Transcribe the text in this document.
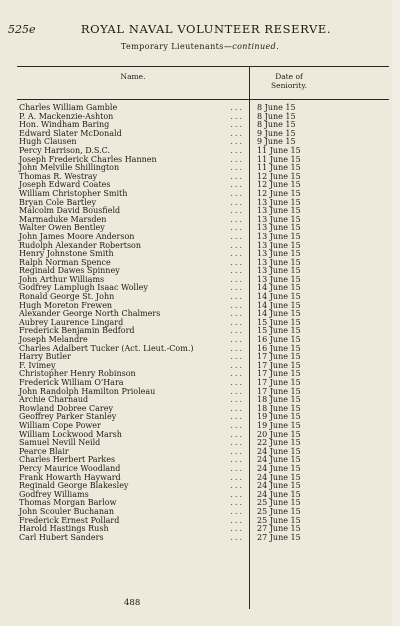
525e	ROYAL NAVAL VOLUNTEER RESERVE.
Temporary Lieutenants—continued.
Name.	Date of
Seniority.
Charles William Gamble	... 8 June 15
P. A. Mackenzie-Ashton	... 8 June 15
Hon. Windham Baring	... 8 June 15
Edward Slater McDonald	... 9 June 15
Hugh Clausen	... 9 June 15
Percy Harrison, D.S.C.	... 11 June 15
Joseph Frederick Charles Hannen	... 11 June 15
John Melville Shillington	... 11 June 15
Thomas R. Westray	... 12 June 15
Joseph Edward Coates	... 12 June 15
William Christopher Smith	... 12 June 15
Bryan Cole Bartley	... 13 June 15
Malcolm David Bousfield	... 13 June 15
Marmaduke Marsden	... 13 June 15
Walter Owen Bentley	... 13 June 15
John James Moore Anderson	... 13 June 15
Rudolph Alexander Robertson	... 13 June 15
Henry Johnstone Smith	... 13 June 15
Ralph Norman Spence	... 13 June 15
Reginald Dawes Spinney	... 13 June 15
John Arthur Williams	... 13 June 15
Godfrey Lamplugh Isaac Wolley	... 14 June 15
Ronald George St. John	... 14 June 15
Hugh Moreton Frewen	... 14 June 15
Alexander George North Chalmers	... 14 June 15
Aubrey Laurence Lingard	... 15 June 15
Frederick Benjamin Bedford	... 15 June 15
Joseph Melandre	... 16 June 15
Charles Adalbert Tucker (Act. Lieut.-Com.)	... 16 June 15
Harry Butler	... 17 June 15
F. Ivimey	... 17 June 15
Christopher Henry Robinson	... 17 June 15
Frederick William O'Hara	... 17 June 15
John Randolph Hamilton Prioleau	... 17 June 15
Archie Charnaud	... 18 June 15
Rowland Dobree Carey	... 18 June 15
Geoffrey Parker Stanley	... 19 June 15
William Cope Power	... 19 June 15
William Lockwood Marsh	... 20 June 15
Samuel Nevill Neild	... 22 June 15
Pearce Blair	... 24 June 15
Charles Herbert Parkes	... 24 June 15
Percy Maurice Woodland	... 24 June 15
Frank Howarth Hayward	... 24 June 15
Reginald George Blakesley	... 24 June 15
Godfrey Williams	... 24 June 15
Thomas Morgan Barlow	... 25 June 15
John Scouler Buchanan	... 25 June 15
Frederick Ernest Pollard	... 25 June 15
Harold Hastings Rush	... 27 June 15
Carl Hubert Sanders	... 27 June 15
488
